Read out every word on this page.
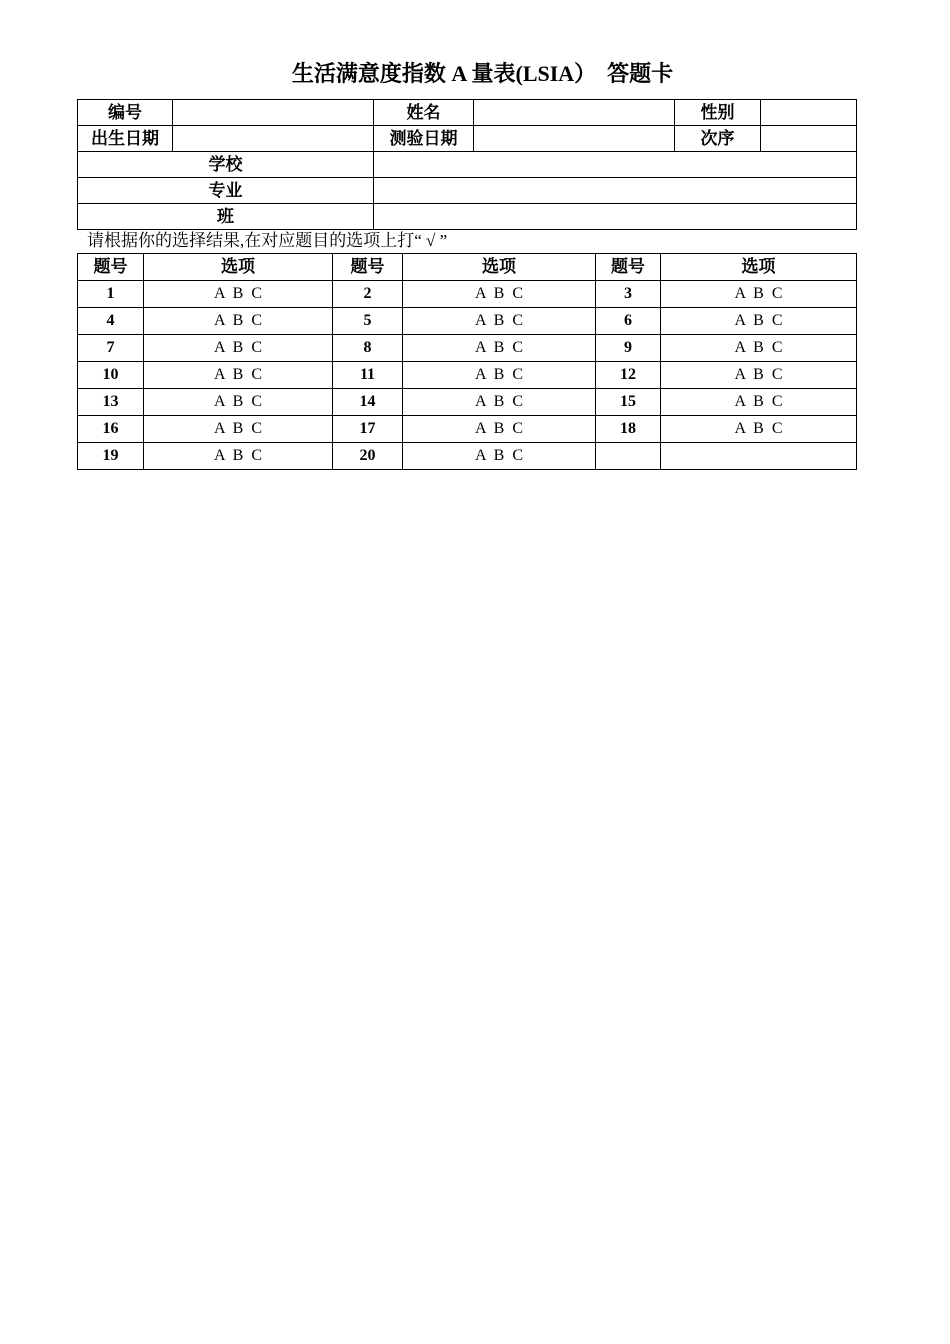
生活满意度指数 A 量表(LSIA）  答题卡
编号		姓名		性别	
出生日期		测验日期		次序	
学校					
专业					
班					
请根据你的选择结果,在对应题目的选项上打“ √ ”
题号	选项	题号	选项	题号	选项
1	A B C	2	A B C	3	A B C
4	A B C	5	A B C	6	A B C
7	A B C	8	A B C	9	A B C
10	A B C	11	A B C	12	A B C
13	A B C	14	A B C	15	A B C
16	A B C	17	A B C	18	A B C
19	A B C	20	A B C		
